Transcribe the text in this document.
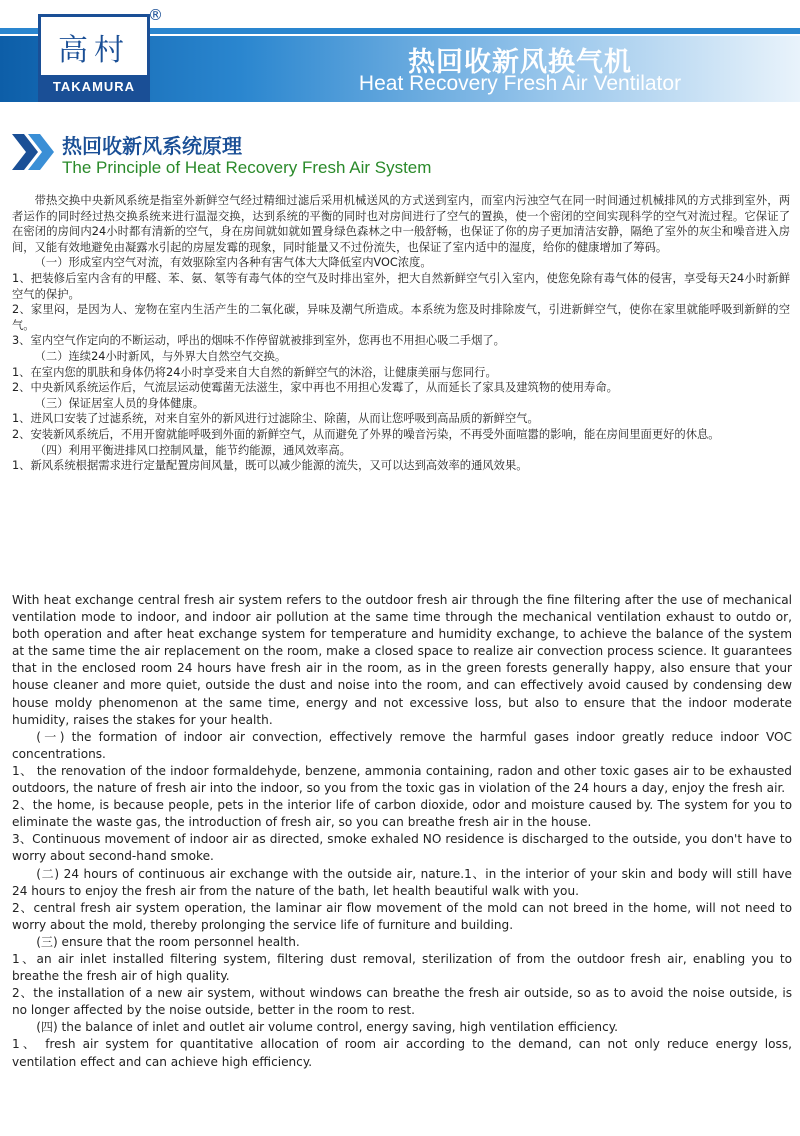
高村
TAKAMURA
®
热回收新风换气机
Heat Recovery Fresh Air Ventilator
热回收新风系统原理
The Principle of Heat Recovery Fresh Air System

带热交换中央新风系统是指室外新鲜空气经过精细过滤后采用机械送风的方式送到室内，而室内污浊空气在同一时间通过机械排风的方式排到室外，两者运作的同时经过热交换系统来进行温湿交换，达到系统的平衡的同时也对房间进行了空气的置换，使一个密闭的空间实现科学的空气对流过程。它保证了在密闭的房间内24小时都有清新的空气，身在房间就如就如置身绿色森林之中一般舒畅，也保证了你的房子更加清洁安静，隔绝了室外的灰尘和噪音进入房间，又能有效地避免由凝露水引起的房屋发霉的现象，同时能量又不过份流失，也保证了室内适中的湿度，给你的健康增加了筹码。

（一）形成室内空气对流，有效驱除室内各种有害气体大大降低室内VOC浓度。

1、把装修后室内含有的甲醛、苯、氨、氡等有毒气体的空气及时排出室外，把大自然新鲜空气引入室内，使您免除有毒气体的侵害，享受每天24小时新鲜空气的保护。

2、家里闷，是因为人、宠物在室内生活产生的二氧化碳，异味及潮气所造成。本系统为您及时排除废气，引进新鲜空气，使你在家里就能呼吸到新鲜的空气。

3、室内空气作定向的不断运动，呼出的烟味不作停留就被排到室外，您再也不用担心吸二手烟了。

（二）连续24小时新风，与外界大自然空气交换。

1、在室内您的肌肤和身体仍将24小时享受来自大自然的新鲜空气的沐浴，让健康美丽与您同行。

2、中央新风系统运作后，气流层运动使霉菌无法滋生，家中再也不用担心发霉了，从而延长了家具及建筑物的使用寿命。

（三）保证居室人员的身体健康。

1、进风口安装了过滤系统，对来自室外的新风进行过滤除尘、除菌，从而让您呼吸到高品质的新鲜空气。

2、安装新风系统后，不用开窗就能呼吸到外面的新鲜空气，从而避免了外界的噪音污染，不再受外面喧嚣的影响，能在房间里面更好的休息。

（四）利用平衡进排风口控制风量，能节约能源，通风效率高。

1、新风系统根据需求进行定量配置房间风量，既可以减少能源的流失，又可以达到高效率的通风效果。

With heat exchange central fresh air system refers to the outdoor fresh air through the fine filtering after the use of mechanical ventilation mode to indoor, and indoor air pollution at the same time through the mechanical ventilation exhaust to outdo or, both operation and after heat exchange system for temperature and humidity exchange, to achieve the balance of the system at the same time the air replacement on the room, make a closed space to realize air convection process science. It guarantees that in the enclosed room 24 hours have fresh air in the room, as in the green forests generally happy, also ensure that your house cleaner and more quiet, outside the dust and noise into the room, and can effectively avoid caused by condensing dew house moldy phenomenon at the same time, energy and not excessive loss, but also to ensure that the indoor moderate humidity, raises the stakes for your health.

(一) the formation of indoor air convection, effectively remove the harmful gases indoor greatly reduce indoor VOC concentrations.

1、 the renovation of the indoor formaldehyde, benzene, ammonia containing, radon and other toxic gases air to be exhausted outdoors, the nature of fresh air into the indoor, so you from the toxic gas in violation of the 24 hours a day, enjoy the fresh air.

2、the home, is because people, pets in the interior life of carbon dioxide, odor and moisture caused by. The system for you to eliminate the waste gas, the introduction of fresh air, so you can breathe fresh air in the house.

3、Continuous movement of indoor air as directed, smoke exhaled NO residence is discharged to the outside, you don't have to worry about second-hand smoke.

(二) 24 hours of continuous air exchange with the outside air, nature.1、in the interior of your skin and body will still have 24 hours to enjoy the fresh air from the nature of the bath, let health beautiful walk with you.

2、central fresh air system operation, the laminar air flow movement of the mold can not breed in the home, will not need to worry about the mold, thereby prolonging the service life of furniture and building.

(三) ensure that the room personnel health.

1、an air inlet installed filtering system, filtering dust removal, sterilization of from the outdoor fresh air, enabling you to breathe the fresh air of high quality.

2、the installation of a new air system, without windows can breathe the fresh air outside, so as to avoid the noise outside, is no longer affected by the noise outside, better in the room to rest.

(四) the balance of inlet and outlet air volume control, energy saving, high ventilation efficiency.

1、 fresh air system for quantitative allocation of room air according to the demand, can not only reduce energy loss, ventilation effect and can achieve high efficiency.
